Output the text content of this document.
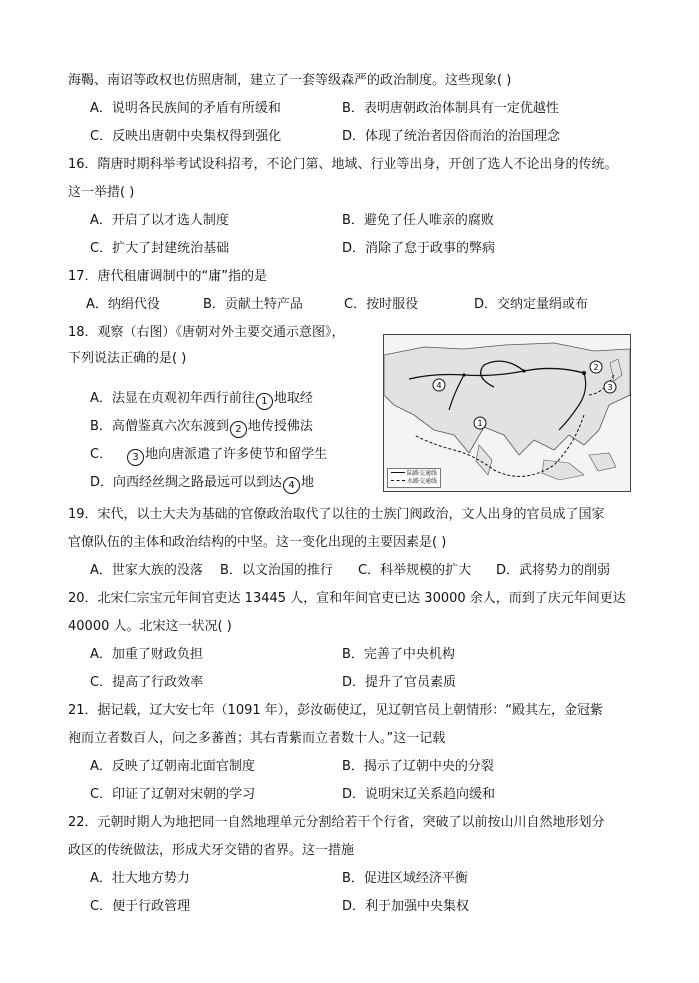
海鞨、南诏等政权也仿照唐制，建立了一套等级森严的政治制度。这些现象( )
A．说明各民族间的矛盾有所缓和	B．表明唐朝政治体制具有一定优越性
C．反映出唐朝中央集权得到强化	D．体现了统治者因俗而治的治国理念
16．隋唐时期科举考试设科招考，不论门第、地域、行业等出身，开创了选人不论出身的传统。
这一举措( )
A．开启了以才选人制度	B．避免了任人唯亲的腐败
C．扩大了封建统治基础	D．消除了怠于政事的弊病
17．唐代租庸调制中的“庸”指的是
A．纳绢代役	B．贡献土特产品	C．按时服役	D．交纳定量绢或布
18．观察（右图）《唐朝对外主要交通示意图》，
下列说法正确的是( )
A．法显在贞观初年西行前往 1 地取经
B．高僧鉴真六次东渡到 2 地传授佛法
C． 3 地向唐派遣了许多使节和留学生
D．向西经丝绸之路最远可以到达 4 地
4
1
2
3
陆路交通线
水路交通线
19．宋代，以士大夫为基础的官僚政治取代了以往的士族门阀政治，文人出身的官员成了国家
官僚队伍的主体和政治结构的中坚。这一变化出现的主要因素是( )
A．世家大族的没落 B．以文治国的推行 C．科举规模的扩大 D．武将势力的削弱
20．北宋仁宗宝元年间官吏达 13445 人，宣和年间官吏已达 30000 余人，而到了庆元年间更达
40000 人。北宋这一状况( )
A．加重了财政负担	B．完善了中央机构
C．提高了行政效率	D．提升了官员素质
21．据记载，辽大安七年（1091 年），彭汝砺使辽，见辽朝官员上朝情形：“殿其左，金冠紫
袍而立者数百人，问之多蕃酋；其右青紫而立者数十人。”这一记载
A．反映了辽朝南北面官制度	B．揭示了辽朝中央的分裂
C．印证了辽朝对宋朝的学习	D．说明宋辽关系趋向缓和
22．元朝时期人为地把同一自然地理单元分割给若干个行省，突破了以前按山川自然地形划分
政区的传统做法，形成犬牙交错的省界。这一措施
A．壮大地方势力	B．促进区域经济平衡
C．便于行政管理	D．利于加强中央集权
